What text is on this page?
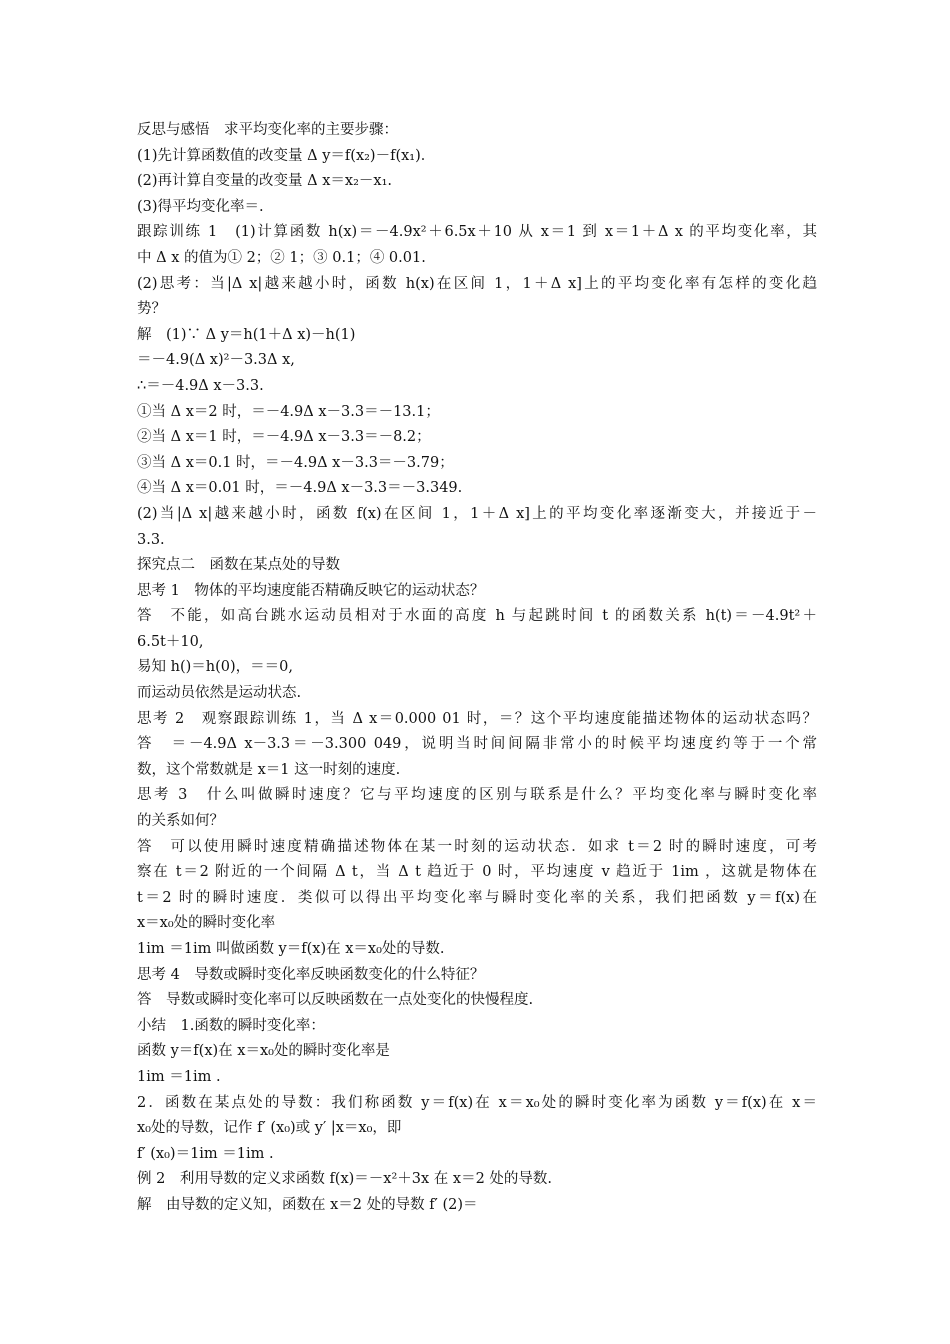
反思与感悟　求平均变化率的主要步骤：

(1)先计算函数值的改变量 Δ y＝f(x₂)－f(x₁)．

(2)再计算自变量的改变量 Δ x＝x₂－x₁.

(3)得平均变化率＝.

跟踪训练 1　(1)计算函数 h(x)＝－4.9x²＋6.5x＋10 从 x＝1 到 x＝1＋Δ x 的平均变化率，其

中 Δ x 的值为① 2；② 1；③ 0.1；④ 0.01.

(2)思考：当|Δ x|越来越小时，函数 h(x)在区间 1，1＋Δ x]上的平均变化率有怎样的变化趋

势？

解　(1)∵ Δ y＝h(1＋Δ x)－h(1)

＝－4.9(Δ x)²－3.3Δ x,

∴＝－4.9Δ x－3.3.

①当 Δ x＝2 时，＝－4.9Δ x－3.3＝－13.1；

②当 Δ x＝1 时，＝－4.9Δ x－3.3＝－8.2；

③当 Δ x＝0.1 时，＝－4.9Δ x－3.3＝－3.79；

④当 Δ x＝0.01 时，＝－4.9Δ x－3.3＝－3.349.

(2)当|Δ x|越来越小时，函数 f(x)在区间 1，1＋Δ x]上的平均变化率逐渐变大，并接近于－

3.3.

探究点二　函数在某点处的导数

思考 1　物体的平均速度能否精确反映它的运动状态？

答　不能，如高台跳水运动员相对于水面的高度 h 与起跳时间 t 的函数关系 h(t)＝－4.9t²＋

6.5t＋10,

易知 h()＝h(0)，＝＝0,

而运动员依然是运动状态.

思考 2　观察跟踪训练 1，当 Δ x＝0.000 01 时，＝？这个平均速度能描述物体的运动状态吗？

答　＝－4.9Δ x－3.3＝－3.300 049，说明当时间间隔非常小的时候平均速度约等于一个常

数，这个常数就是 x＝1 这一时刻的速度.

思考 3　什么叫做瞬时速度？它与平均速度的区别与联系是什么？平均变化率与瞬时变化率

的关系如何？

答　可以使用瞬时速度精确描述物体在某一时刻的运动状态．如求 t＝2 时的瞬时速度，可考

察在 t＝2 附近的一个间隔 Δ t，当 Δ t 趋近于 0 时，平均速度 v 趋近于 1im ，这就是物体在

t＝2 时的瞬时速度．类似可以得出平均变化率与瞬时变化率的关系，我们把函数 y＝f(x)在

x＝x₀处的瞬时变化率

1im ＝1im 叫做函数 y＝f(x)在 x＝x₀处的导数.

思考 4　导数或瞬时变化率反映函数变化的什么特征？

答　导数或瞬时变化率可以反映函数在一点处变化的快慢程度.

小结　1.函数的瞬时变化率：

函数 y＝f(x)在 x＝x₀处的瞬时变化率是

1im ＝1im .

2．函数在某点处的导数：我们称函数 y＝f(x)在 x＝x₀处的瞬时变化率为函数 y＝f(x)在 x＝

x₀处的导数，记作 f′ (x₀)或 y′ |x＝x₀，即

f′ (x₀)＝1im ＝1im .

例 2　利用导数的定义求函数 f(x)＝－x²＋3x 在 x＝2 处的导数.

解　由导数的定义知，函数在 x＝2 处的导数 f′ (2)＝
